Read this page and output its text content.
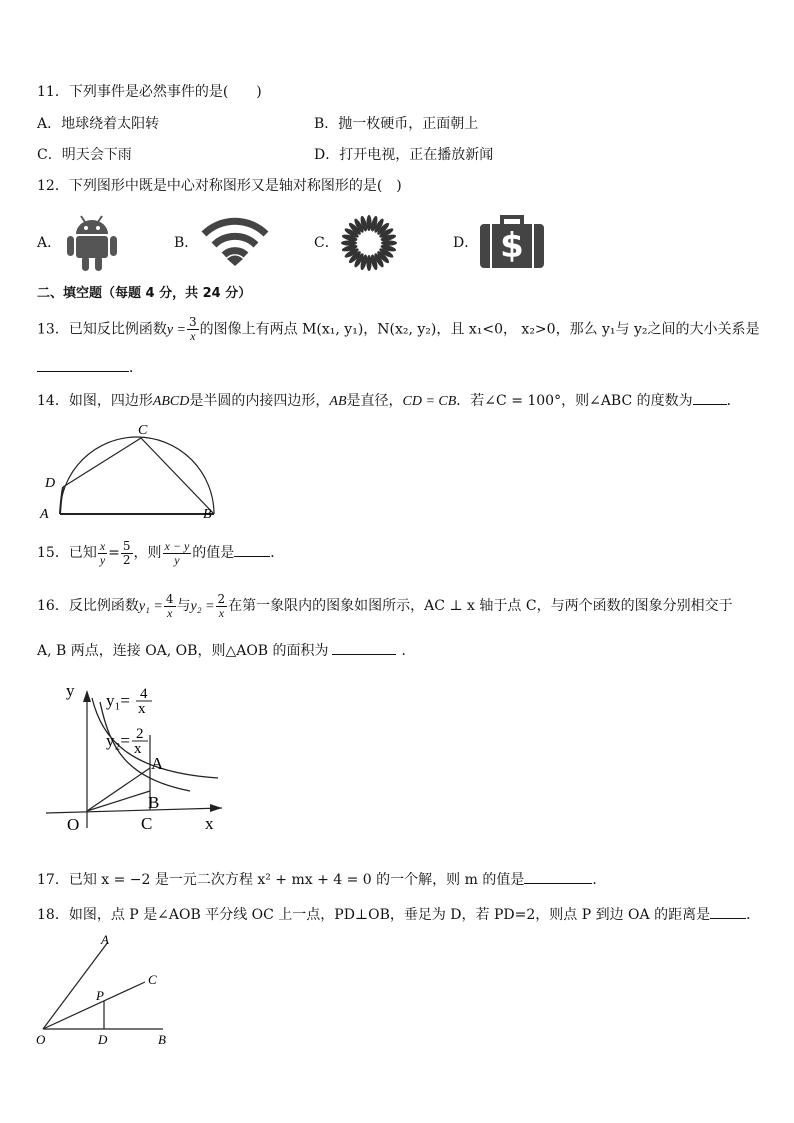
11．下列事件是必然事件的是(　　)
A．地球绕着太阳转	B．抛一枚硬币，正面朝上
C．明天会下雨	D．打开电视，正在播放新闻
12．下列图形中既是中心对称图形又是轴对称图形的是(　)
A．	B．	C．	D． $
二、填空题（每题 4 分，共 24 分）
13．已知反比例函数$y = \frac{3}{x}$ 的图像上有两点 M(x₁, y₁)，N(x₂, y₂)，且 x₁<0， x₂>0，那么 y₁与 y₂之间的大小关系是
．
14．如图，四边形ABCD是半圆的内接四边形，AB是直径，CD = CB．若∠C = 100°，则∠ABC 的度数为 ．
C
D
A	B
15．已知 $\frac{x}{y} = \frac{5}{2}$ ，则 $\frac{x - y}{y}$ 的值是	．
16．反比例函数$y_1 = \frac{4}{x}$ 与$y_2 = \frac{2}{x}$ 在第一象限内的图象如图所示，AC ⊥ x 轴于点 C，与两个函数的图象分别相交于
A, B 两点，连接 OA, OB，则△AOB 的面积为	．
y
x
O	C
A
B
y₁= 4
x
y₂= 2
x
17．已知 x = −2 是一元二次方程 x² + mx + 4 = 0 的一个解，则 m 的值是	．
18．如图，点 P 是∠AOB 平分线 OC 上一点，PD⊥OB，垂足为 D，若 PD=2，则点 P 到边 OA 的距离是	．
A
C
P
O	D	B
